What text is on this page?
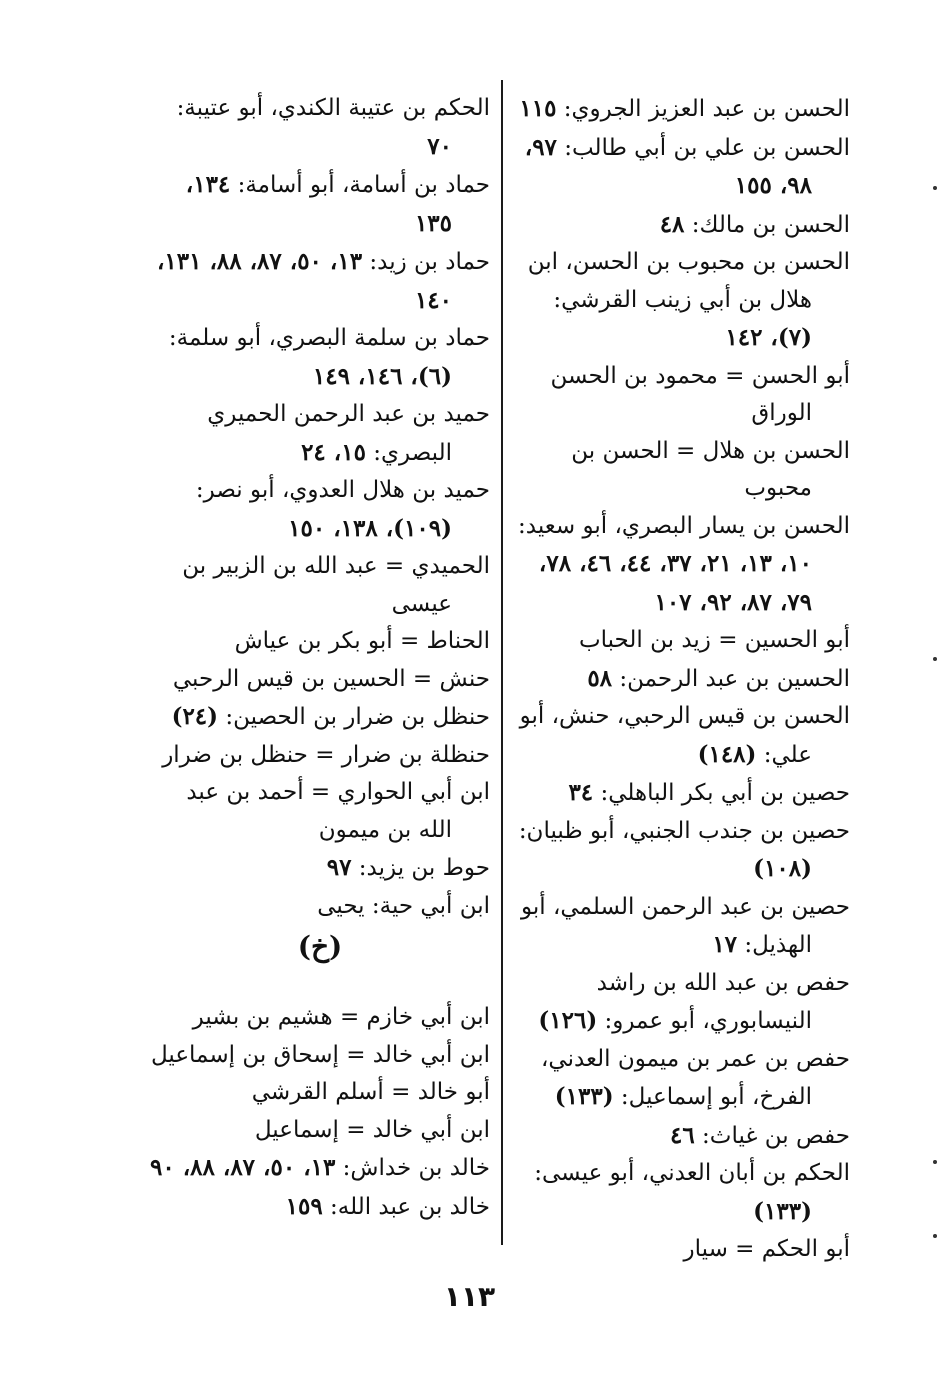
الحسن بن عبد العزيز الجروي: ١١٥

الحسن بن علي بن أبي طالب: ٩٧، ٩٨، ١٥٥

الحسن بن مالك: ٤٨

الحسن بن محبوب بن الحسن، ابن هلال بن أبي زينب القرشي: (٧)، ١٤٢

أبو الحسن = محمود بن الحسن الوراق

الحسن بن هلال = الحسن بن محبوب

الحسن بن يسار البصري، أبو سعيد: ١٠، ١٣، ٢١، ٣٧، ٤٤، ٤٦، ٧٨، ٧٩، ٨٧، ٩٢، ١٠٧

أبو الحسين = زيد بن الحباب

الحسين بن عبد الرحمن: ٥٨

الحسن بن قيس الرحبي، حنش، أبو علي: (١٤٨)

حصين بن أبي بكر الباهلي: ٣٤

حصين بن جندب الجنبي، أبو ظبيان: (١٠٨)

حصين بن عبد الرحمن السلمي، أبو الهذيل: ١٧

حفص بن عبد الله بن راشد النيسابوري، أبو عمرو: (١٢٦)

حفص بن عمر بن ميمون العدني، الفرخ، أبو إسماعيل: (١٣٣)

حفص بن غياث: ٤٦

الحكم بن أبان العدني، أبو عيسى: (١٣٣)

أبو الحكم = سيار

الحكم بن عتيبة الكندي، أبو عتيبة: ٧٠

حماد بن أسامة، أبو أسامة: ١٣٤، ١٣٥

حماد بن زيد: ١٣، ٥٠، ٨٧، ٨٨، ١٣١، ١٤٠

حماد بن سلمة البصري، أبو سلمة: (٦)، ١٤٦، ١٤٩

حميد بن عبد الرحمن الحميري البصري: ١٥، ٢٤

حميد بن هلال العدوي، أبو نصر: (١٠٩)، ١٣٨، ١٥٠

الحميدي = عبد الله بن الزبير بن عيسى

الحناط = أبو بكر بن عياش

حنش = الحسين بن قيس الرحبي

حنظل بن ضرار بن الحصين: (٢٤)

حنظلة بن ضرار = حنظل بن ضرار

ابن أبي الحواري = أحمد بن عبد الله بن ميمون

حوط بن يزيد: ٩٧

ابن أبي حية: يحيى

(خ)

ابن أبي خازم = هشيم بن بشير

ابن أبي خالد = إسحاق بن إسماعيل

أبو خالد = أسلم القرشي

ابن أبي خالد = إسماعيل

خالد بن خداش: ١٣، ٥٠، ٨٧، ٨٨، ٩٠

خالد بن عبد الله: ١٥٩

١١٣
